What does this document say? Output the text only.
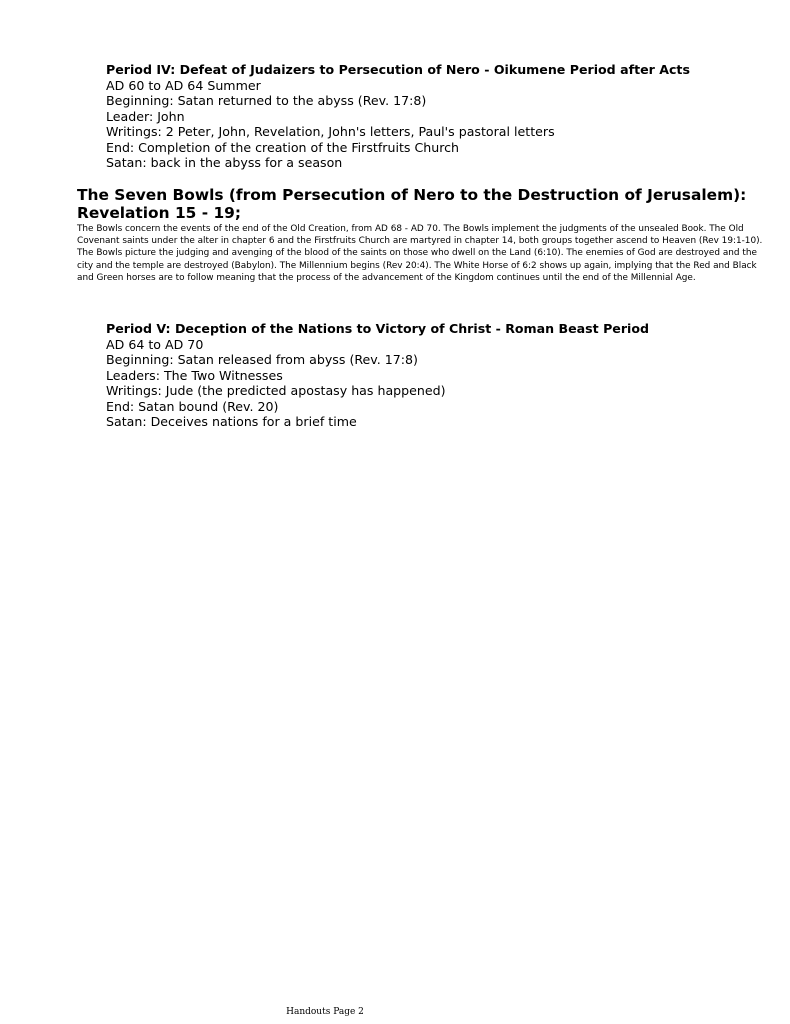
Period IV: Defeat of Judaizers to Persecution of Nero - Oikumene Period after Acts

AD 60 to AD 64 Summer

Beginning: Satan returned to the abyss (Rev. 17:8)

Leader: John

Writings: 2 Peter, John, Revelation, John's letters, Paul's pastoral letters

End: Completion of the creation of the Firstfruits Church

Satan: back in the abyss for a season

The Seven Bowls (from Persecution of Nero to the Destruction of Jerusalem):
Revelation 15 - 19;

The Bowls concern the events of the end of the Old Creation, from AD 68 - AD 70. The Bowls implement the judgments of the unsealed Book. The Old Covenant saints under the alter in chapter 6 and the Firstfruits Church are martyred in chapter 14, both groups together ascend to Heaven (Rev 19:1-10). The Bowls picture the judging and avenging of the blood of the saints on those who dwell on the Land (6:10). The enemies of God are destroyed and the city and the temple are destroyed (Babylon). The Millennium begins (Rev 20:4). The White Horse of 6:2 shows up again, implying that the Red and Black and Green horses are to follow meaning that the process of the advancement of the Kingdom continues until the end of the Millennial Age.

Period V: Deception of the Nations to Victory of Christ - Roman Beast Period

AD 64 to AD 70

Beginning: Satan released from abyss (Rev. 17:8)

Leaders: The Two Witnesses

Writings: Jude (the predicted apostasy has happened)

End: Satan bound (Rev. 20)

Satan: Deceives nations for a brief time

Handouts Page 2
